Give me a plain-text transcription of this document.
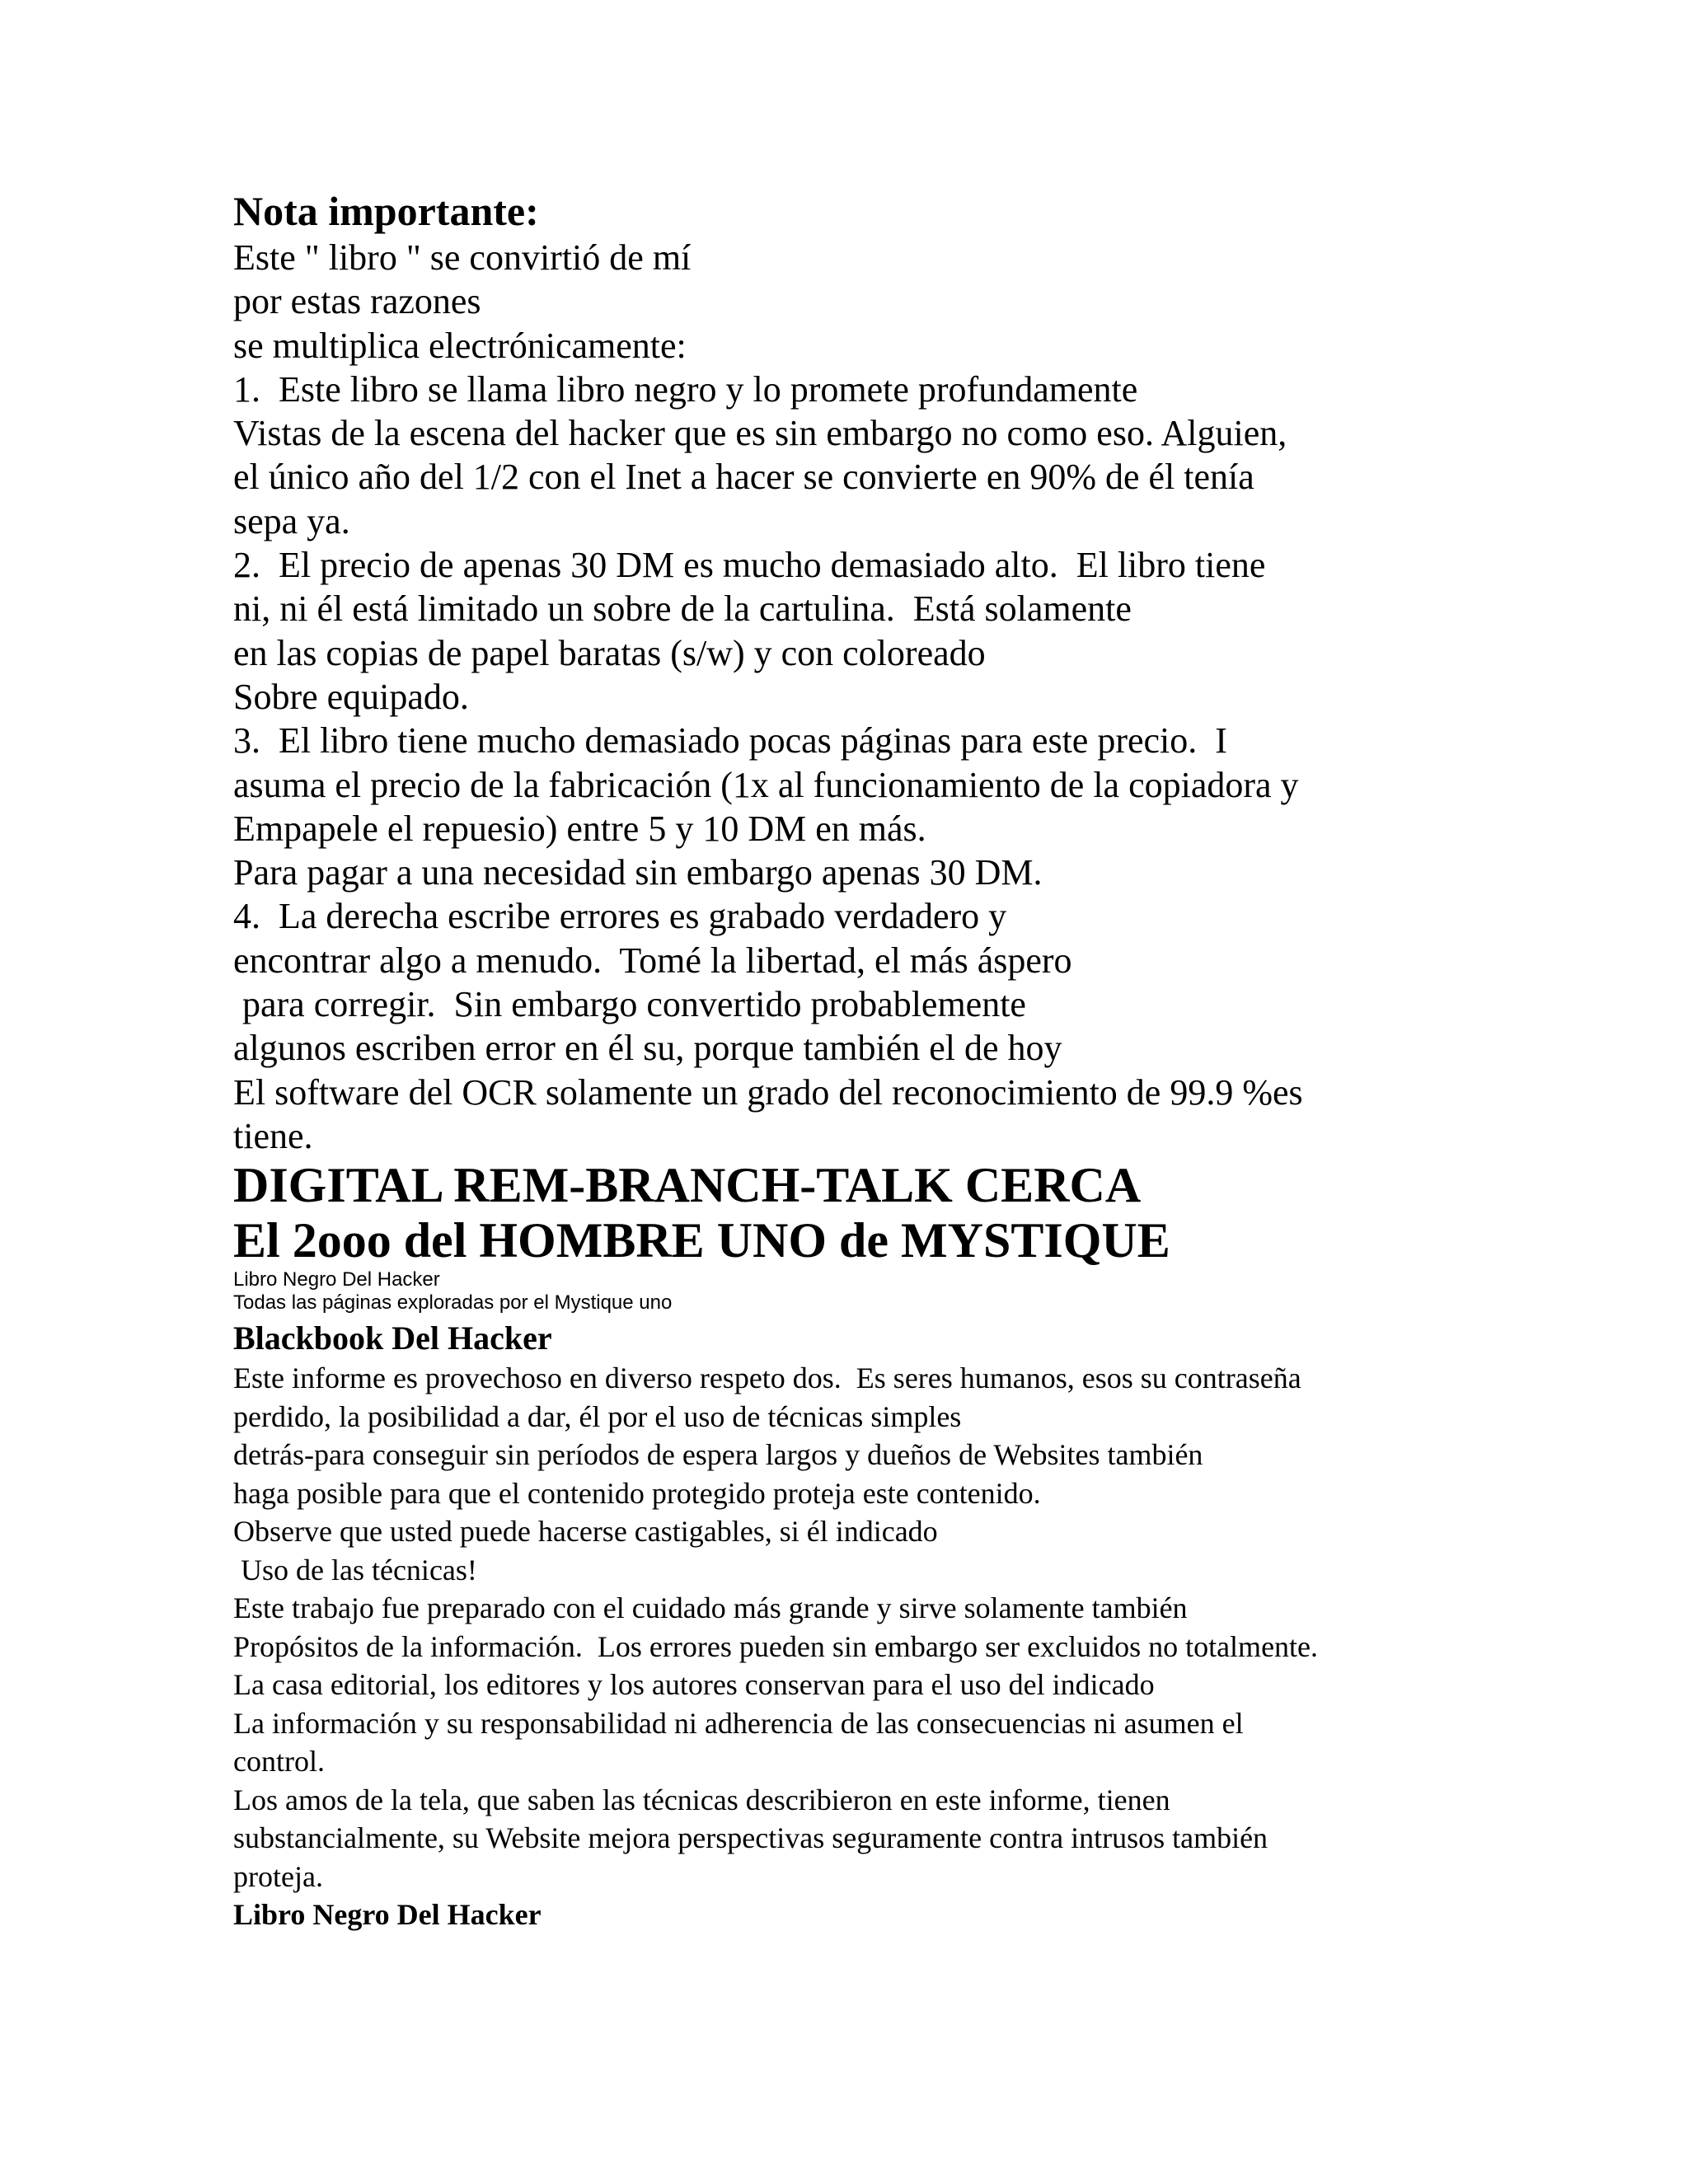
Nota importante:
Este " libro " se convirtió de mí
por estas razones
se multiplica electrónicamente:
1.  Este libro se llama libro negro y lo promete profundamente
Vistas de la escena del hacker que es sin embargo no como eso. Alguien,
el único año del 1/2 con el Inet a hacer se convierte en 90% de él tenía
sepa ya.
2.  El precio de apenas 30 DM es mucho demasiado alto.  El libro tiene
ni, ni él está limitado un sobre de la cartulina.  Está solamente
en las copias de papel baratas (s/w) y con coloreado
Sobre equipado.
3.  El libro tiene mucho demasiado pocas páginas para este precio.  I
asuma el precio de la fabricación (1x al funcionamiento de la copiadora y
Empapele el repuesio) entre 5 y 10 DM en más.
Para pagar a una necesidad sin embargo apenas 30 DM.
4.  La derecha escribe errores es grabado verdadero y
encontrar algo a menudo.  Tomé la libertad, el más áspero
para corregir.  Sin embargo convertido probablemente
algunos escriben error en él su, porque también el de hoy
El software del OCR solamente un grado del reconocimiento de 99.9 %es
tiene.
DIGITAL REM-BRANCH-TALK CERCA
El 2ooo del HOMBRE UNO de MYSTIQUE
Libro Negro Del Hacker
Todas las páginas exploradas por el Mystique uno
Blackbook Del Hacker
Este informe es provechoso en diverso respeto dos.  Es seres humanos, esos su contraseña
perdido, la posibilidad a dar, él por el uso de técnicas simples
detrás-para conseguir sin períodos de espera largos y dueños de Websites también
haga posible para que el contenido protegido proteja este contenido.
Observe que usted puede hacerse castigables, si él indicado
Uso de las técnicas!
Este trabajo fue preparado con el cuidado más grande y sirve solamente también
Propósitos de la información.  Los errores pueden sin embargo ser excluidos no totalmente.
La casa editorial, los editores y los autores conservan para el uso del indicado
La información y su responsabilidad ni adherencia de las consecuencias ni asumen el
control.
Los amos de la tela, que saben las técnicas describieron en este informe, tienen
substancialmente, su Website mejora perspectivas seguramente contra intrusos también
proteja.
Libro Negro Del Hacker
